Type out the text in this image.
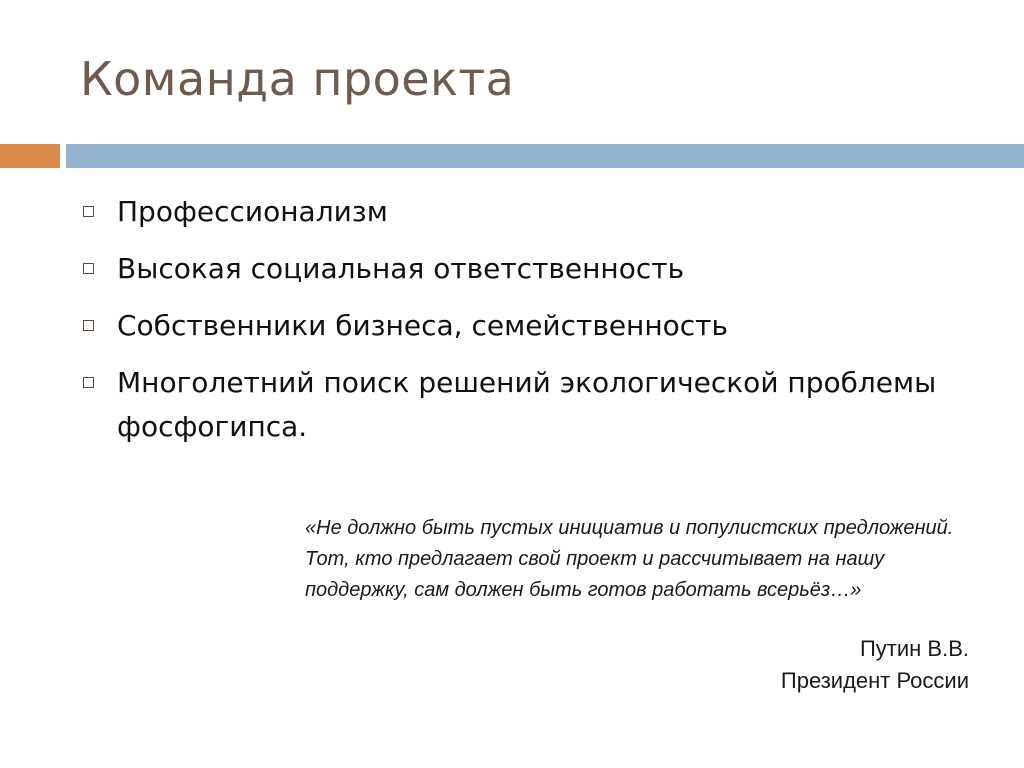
Команда проекта
Профессионализм
Высокая социальная ответственность
Собственники бизнеса, семейственность
Многолетний поиск решений экологической проблемы фосфогипса.
«Не должно быть пустых инициатив и популистских предложений. Тот, кто предлагает свой проект и рассчитывает на нашу поддержку, сам должен быть готов работать всерьёз…»
Путин В.В.
Президент России
